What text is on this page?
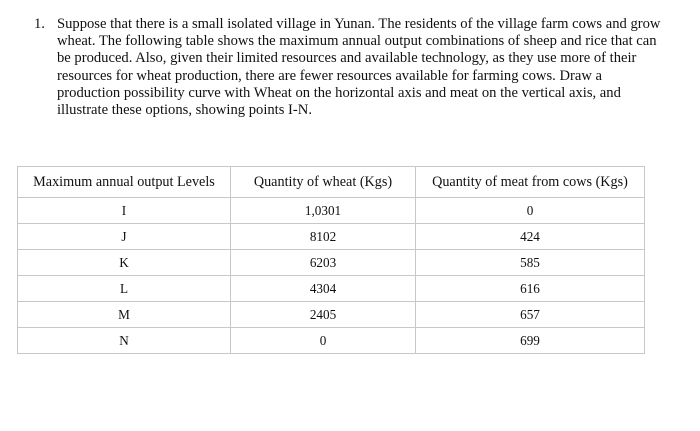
1. Suppose that there is a small isolated village in Yunan. The residents of the village farm cows and grow wheat. The following table shows the maximum annual output combinations of sheep and rice that can be produced. Also, given their limited resources and available technology, as they use more of their resources for wheat production, there are fewer resources available for farming cows. Draw a production possibility curve with Wheat on the horizontal axis and meat on the vertical axis, and illustrate these options, showing points I-N.
Maximum annual output Levels	Quantity of wheat (Kgs)	Quantity of meat from cows (Kgs)
I	1,0301	0
J	8102	424
K	6203	585
L	4304	616
M	2405	657
N	0	699
